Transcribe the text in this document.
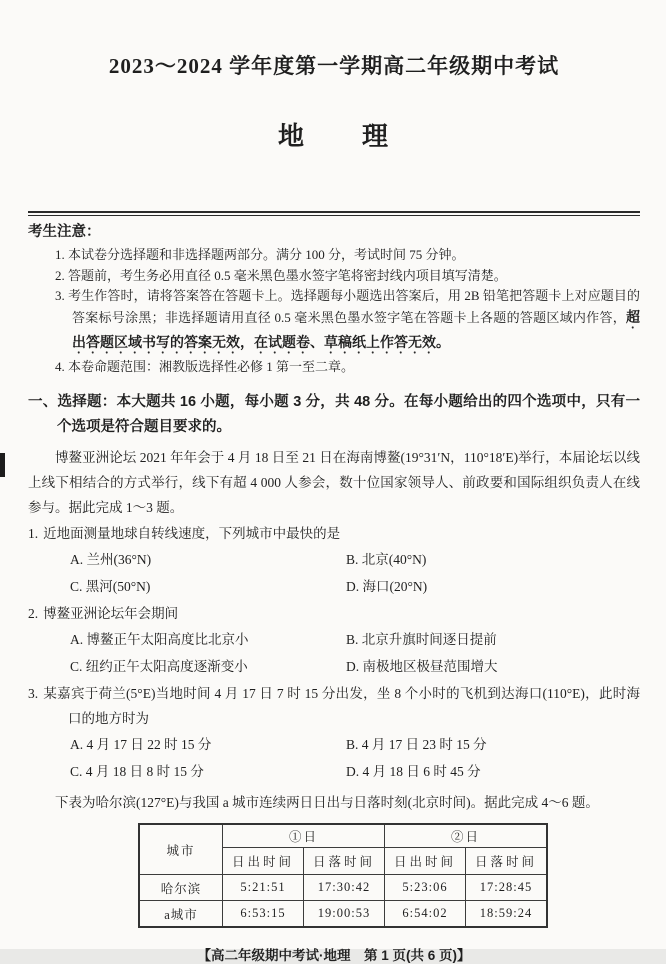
2023～2024 学年度第一学期高二年级期中考试
地　　理
考生注意：

1. 本试卷分选择题和非选择题两部分。满分 100 分，考试时间 75 分钟。

2. 答题前，考生务必用直径 0.5 毫米黑色墨水签字笔将密封线内项目填写清楚。

3. 考生作答时，请将答案答在答题卡上。选择题每小题选出答案后，用 2B 铅笔把答题卡上对应题目的答案标号涂黑；非选择题请用直径 0.5 毫米黑色墨水签字笔在答题卡上各题的答题区域内作答，超出答题区域书写的答案无效，在试题卷、草稿纸上作答无效。

4. 本卷命题范围：湘教版选择性必修 1 第一至二章。

一、选择题：本大题共 16 小题，每小题 3 分，共 48 分。在每小题给出的四个选项中，只有一个选项是符合题目要求的。

博鳌亚洲论坛 2021 年年会于 4 月 18 日至 21 日在海南博鳌(19°31′N，110°18′E)举行，本届论坛以线上线下相结合的方式举行，线下有超 4 000 人参会，数十位国家领导人、前政要和国际组织负责人在线参与。据此完成 1～3 题。

1. 近地面测量地球自转线速度，下列城市中最快的是

A. 兰州(36°N)	B. 北京(40°N)
C. 黑河(50°N)	D. 海口(20°N)

2. 博鳌亚洲论坛年会期间

A. 博鳌正午太阳高度比北京小	B. 北京升旗时间逐日提前
C. 纽约正午太阳高度逐渐变小	D. 南极地区极昼范围增大

3. 某嘉宾于荷兰(5°E)当地时间 4 月 17 日 7 时 15 分出发，坐 8 个小时的飞机到达海口(110°E)，此时海口的地方时为

A. 4 月 17 日 22 时 15 分	B. 4 月 17 日 23 时 15 分
C. 4 月 18 日 8 时 15 分	D. 4 月 18 日 6 时 45 分

下表为哈尔滨(127°E)与我国 a 城市连续两日日出与日落时刻(北京时间)。据此完成 4～6 题。

城市	①日		②日	
	日出时间	日落时间	日出时间	日落时间
哈尔滨	5:21:51	17:30:42	5:23:06	17:28:45
a城市	6:53:15	19:00:53	6:54:02	18:59:24
【高二年级期中考试·地理　第 1 页(共 6 页)】
